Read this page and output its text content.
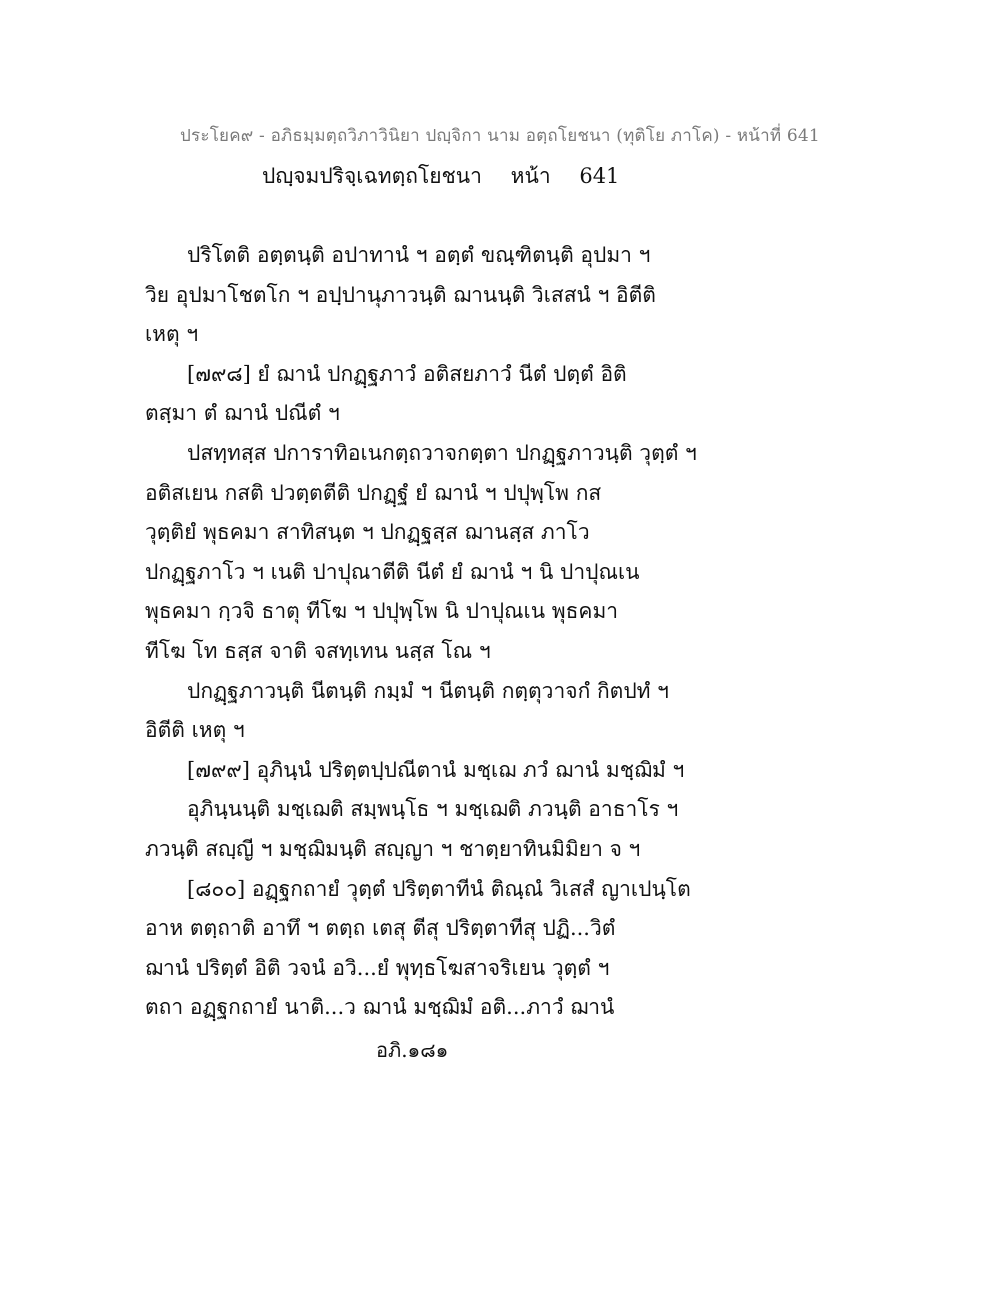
ประโยค๙ - อภิธมฺมตฺถวิภาวินิยา ปญฺจิกา นาม อตฺถโยชนา (ทุติโย ภาโค) - หน้าที่ 641
ปญฺจมปริจฺเฉทตฺถโยชนา หน้า 641
ปริโตติ อตฺตนฺติ อปาทานํ ฯ อตฺตํ ขณฺฑิตนฺติ อุปมา ฯ
วิย อุปมาโชตโก ฯ อปฺปานุภาวนฺติ ฌานนฺติ วิเสสนํ ฯ อิตีติ
เหตุ ฯ
[๗๙๘] ยํ ฌานํ ปกฏฺฐภาวํ อติสยภาวํ นีตํ ปตฺตํ อิติ
ตสฺมา ตํ ฌานํ ปณีตํ ฯ
ปสทฺทสฺส ปการาทิอเนกตฺถวาจกตฺตา ปกฏฺฐภาวนฺติ วุตฺตํ ฯ
อติสเยน กสติ ปวตฺตตีติ ปกฏฺฐํ ยํ ฌานํ ฯ ปปุพฺโพ กส
วุตฺติยํ พุธคมา สาทิสนฺต ฯ ปกฏฺฐสฺส ฌานสฺส ภาโว
ปกฏฺฐภาโว ฯ เนติ ปาปุณาตีติ นีตํ ยํ ฌานํ ฯ นิ ปาปุณเน
พุธคมา กฺวจิ ธาตุ ทีโฆ ฯ ปปุพฺโพ นิ ปาปุณเน พุธคมา
ทีโฆ โท ธสฺส จาติ จสทฺเทน นสฺส โณ ฯ
ปกฏฺฐภาวนฺติ นีตนฺติ กมฺมํ ฯ นีตนฺติ กตฺตุวาจกํ กิตปทํ ฯ
อิตีติ เหตุ ฯ
[๗๙๙] อุภินฺนํ ปริตฺตปฺปณีตานํ มชฺเฌ ภวํ ฌานํ มชฺฌิมํ ฯ
อุภินฺนนฺติ มชฺเฌติ สมฺพนฺโธ ฯ มชฺเฌติ ภวนฺติ อาธาโร ฯ
ภวนฺติ สญฺญี ฯ มชฺฌิมนฺติ สญฺญา ฯ ชาตฺยาทินมิมิยา จ ฯ
[๘๐๐] อฏฺฐกถายํ วุตฺตํ ปริตฺตาทีนํ ติณฺณํ วิเสสํ ญาเปนฺโต
อาห ตตฺถาติ อาทึ ฯ ตตฺถ เตสุ ตีสุ ปริตฺตาทีสุ ปฏิ...วิตํ
ฌานํ ปริตฺตํ อิติ วจนํ อวิ...ยํ พุทฺธโฆสาจริเยน วุตฺตํ ฯ
ตถา อฏฺฐกถายํ นาติ...ว ฌานํ มชฺฌิมํ อติ...ภาวํ ฌานํ
อภิ.๑๘๑
